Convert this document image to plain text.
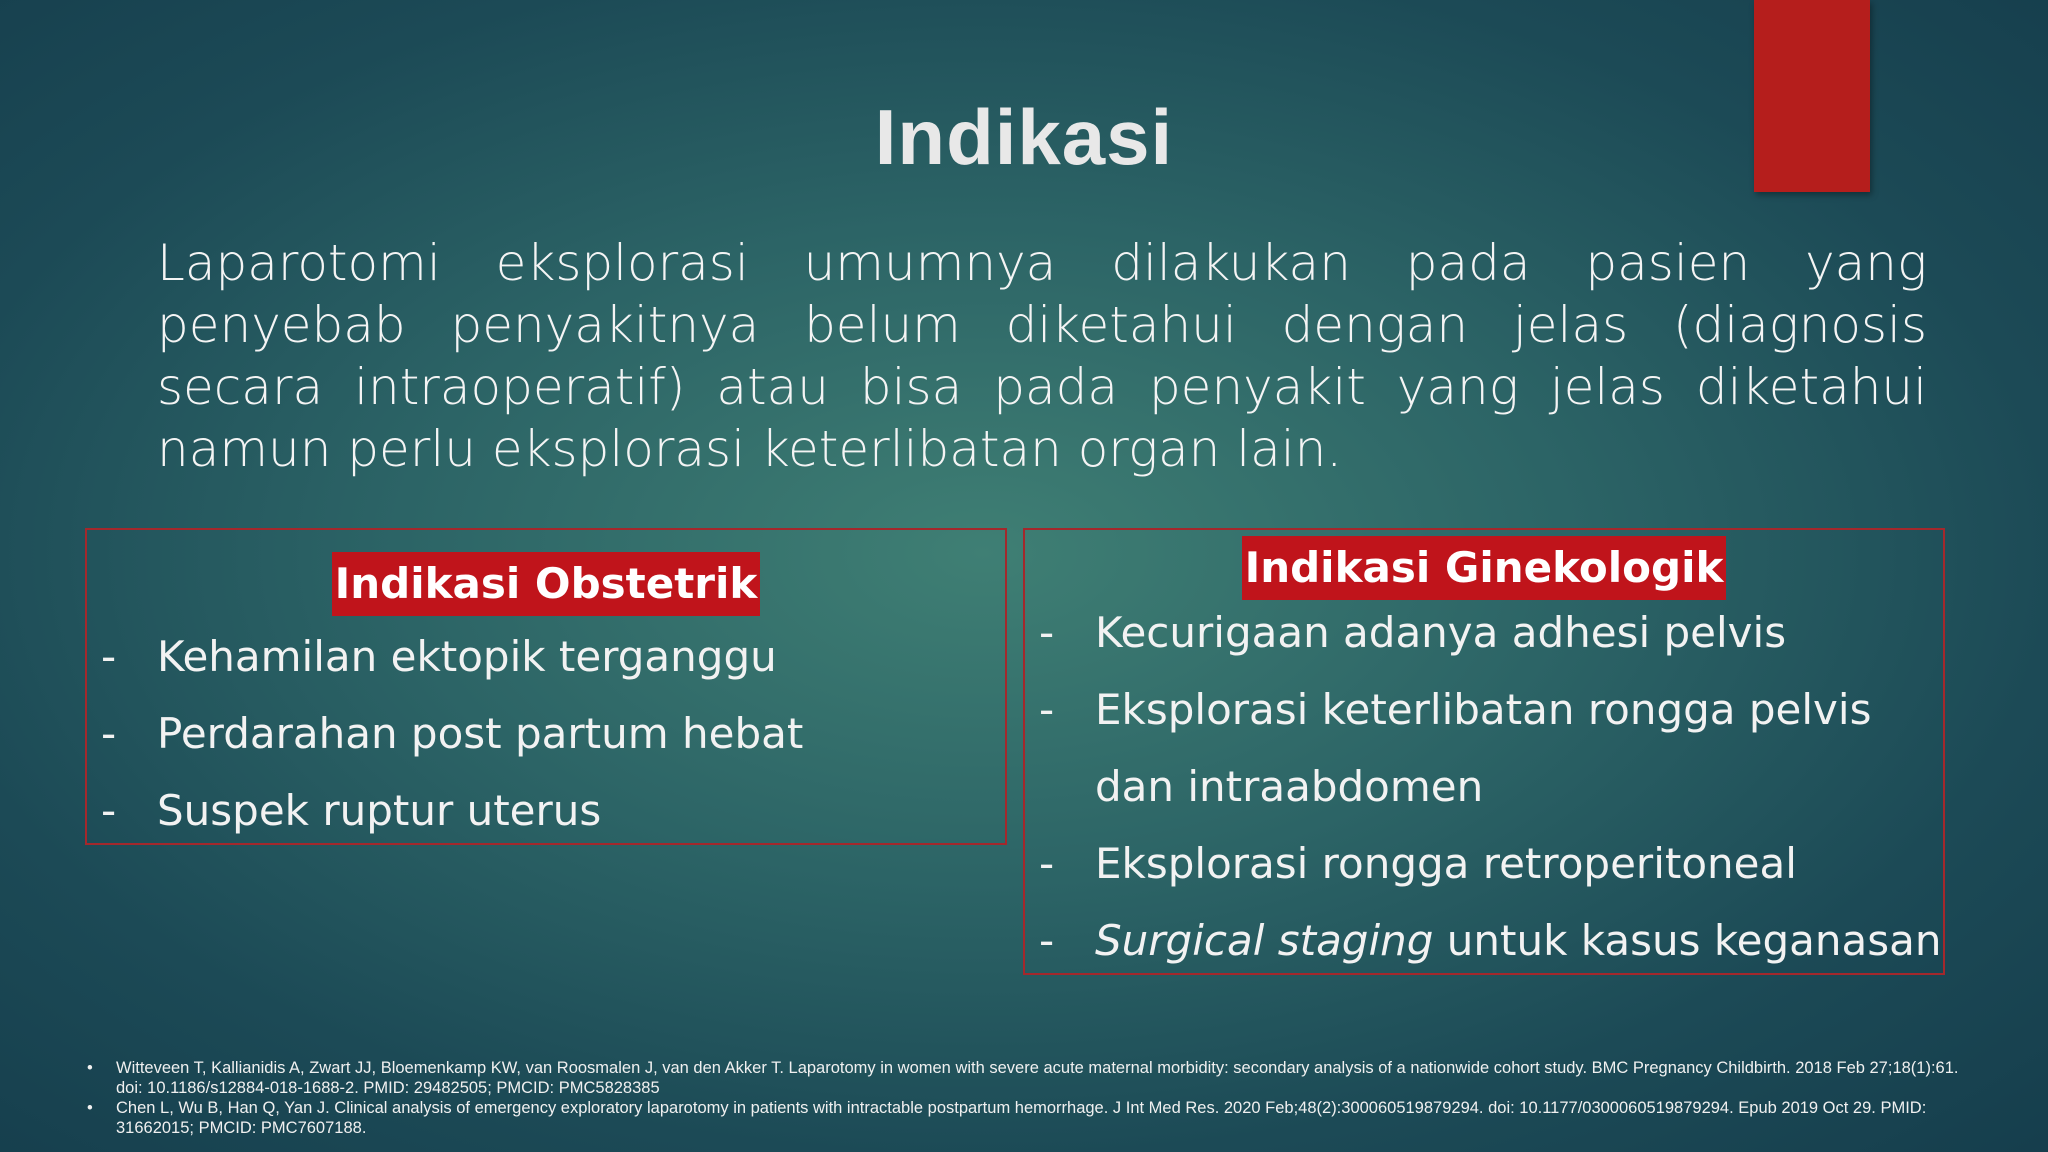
Indikasi
Laparotomi eksplorasi umumnya dilakukan pada pasien yang penyebab penyakitnya belum diketahui dengan jelas (diagnosis secara intraoperatif) atau bisa pada penyakit yang jelas diketahui namun perlu eksplorasi keterlibatan organ lain.
Indikasi Obstetrik
- Kehamilan ektopik terganggu
- Perdarahan post partum hebat
- Suspek ruptur uterus
Indikasi Ginekologik
- Kecurigaan adanya adhesi pelvis
- Eksplorasi keterlibatan rongga pelvis
dan intraabdomen
- Eksplorasi rongga retroperitoneal
- Surgical staging untuk kasus keganasan
• Witteveen T, Kallianidis A, Zwart JJ, Bloemenkamp KW, van Roosmalen J, van den Akker T. Laparotomy in women with severe acute maternal morbidity: secondary analysis of a nationwide cohort study. BMC Pregnancy Childbirth. 2018 Feb 27;18(1):61. doi: 10.1186/s12884-018-1688-2. PMID: 29482505; PMCID: PMC5828385
• Chen L, Wu B, Han Q, Yan J. Clinical analysis of emergency exploratory laparotomy in patients with intractable postpartum hemorrhage. J Int Med Res. 2020 Feb;48(2):300060519879294. doi: 10.1177/0300060519879294. Epub 2019 Oct 29. PMID: 31662015; PMCID: PMC7607188.
